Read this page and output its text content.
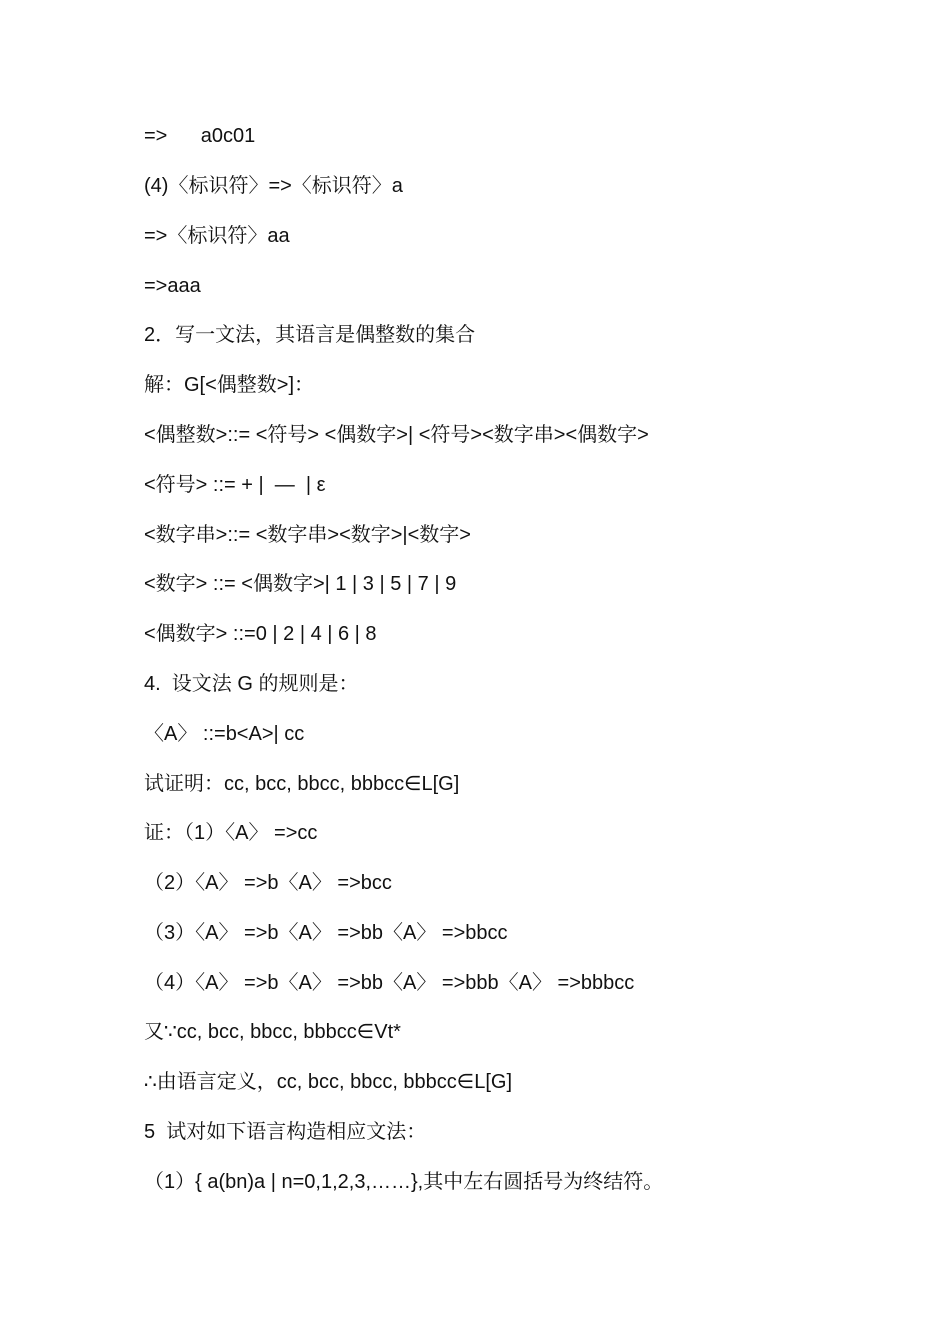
=>      a0c01
(4)〈标识符〉=>〈标识符〉a
=>〈标识符〉aa
=>aaa
2．写一文法，其语言是偶整数的集合
解：G[<偶整数>]：
<偶整数>::= <符号> <偶数字>| <符号><数字串><偶数字>
<符号> ::= + |  —  | ε
<数字串>::= <数字串><数字>|<数字>
<数字> ::= <偶数字>| 1 | 3 | 5 | 7 | 9
<偶数字> ::=0 | 2 | 4 | 6 | 8
4.  设文法 G 的规则是：
〈A〉 ::=b<A>| cc
试证明：cc, bcc, bbcc, bbbcc∈L[G]
证：（1）〈A〉 =>cc
（2）〈A〉 =>b〈A〉 =>bcc
（3）〈A〉 =>b〈A〉 =>bb〈A〉 =>bbcc
（4）〈A〉 =>b〈A〉 =>bb〈A〉 =>bbb〈A〉 =>bbbcc
又∵cc, bcc, bbcc, bbbcc∈Vt*
∴由语言定义，cc, bcc, bbcc, bbbcc∈L[G]
5  试对如下语言构造相应文法：
（1）{ a(bn)a | n=0,1,2,3,……},其中左右圆括号为终结符。
